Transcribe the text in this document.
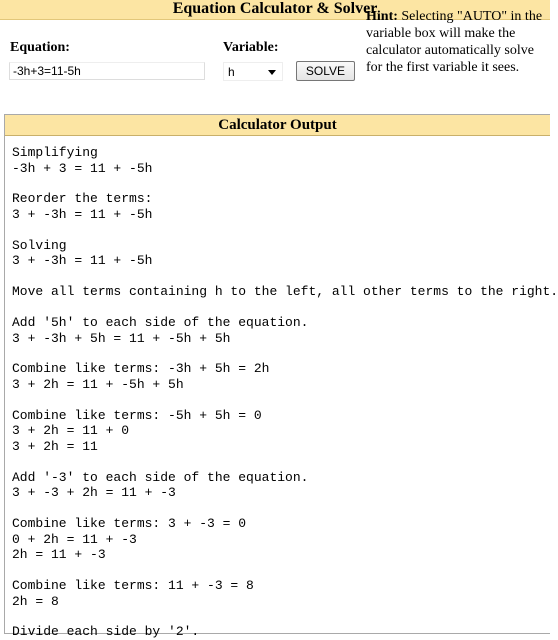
Equation Calculator & Solver
Equation:	Variable:
-3h+3=11-5h
h	SOLVE
Hint: Selecting "AUTO" in the variable box will make the calculator automatically solve for the first variable it sees.
Calculator Output
Simplifying
-3h + 3 = 11 + -5h
Reorder the terms:
3 + -3h = 11 + -5h
Solving
3 + -3h = 11 + -5h
Move all terms containing h to the left, all other terms to the right.
Add '5h' to each side of the equation.
3 + -3h + 5h = 11 + -5h + 5h
Combine like terms: -3h + 5h = 2h
3 + 2h = 11 + -5h + 5h
Combine like terms: -5h + 5h = 0
3 + 2h = 11 + 0
3 + 2h = 11
Add '-3' to each side of the equation.
3 + -3 + 2h = 11 + -3
Combine like terms: 3 + -3 = 0
0 + 2h = 11 + -3
2h = 11 + -3
Combine like terms: 11 + -3 = 8
2h = 8
Divide each side by '2'.
